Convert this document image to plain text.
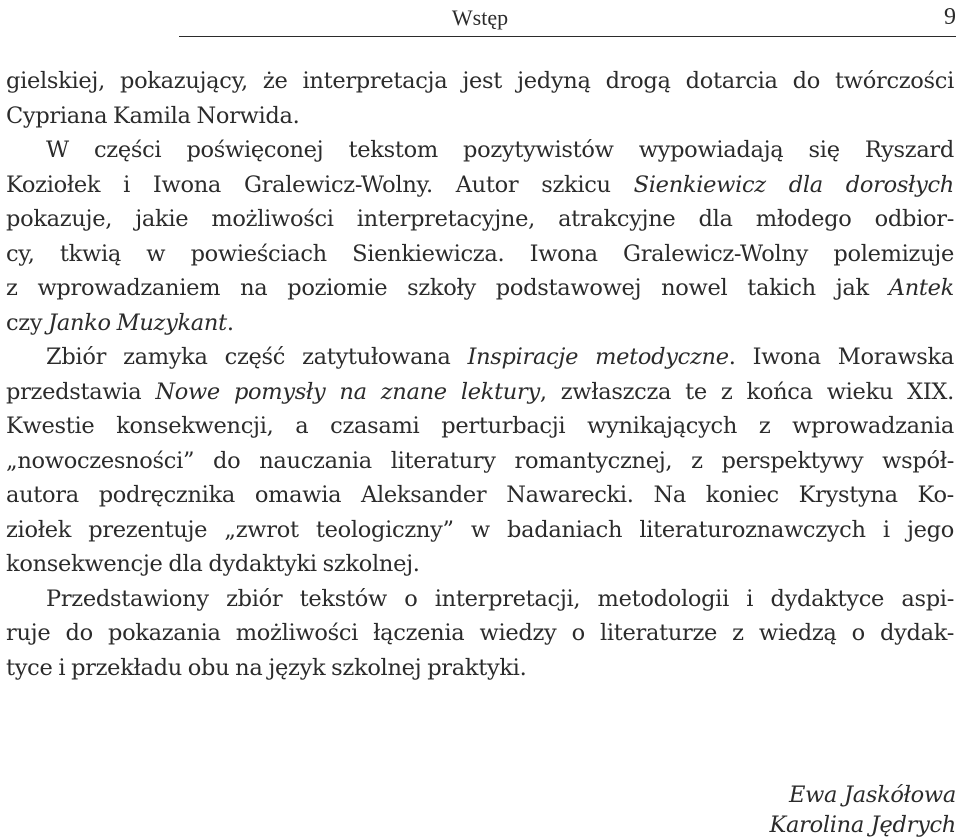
Wstęp	9
gielskiej, pokazujący, że interpretacja jest jedyną drogą dotarcia do twórczości
Cypriana Kamila Norwida.
W części poświęconej tekstom pozytywistów wypowiadają się Ryszard
Koziołek i Iwona Gralewicz-Wolny. Autor szkicu Sienkiewicz dla dorosłych
pokazuje, jakie możliwości interpretacyjne, atrakcyjne dla młodego odbior-
cy, tkwią w powieściach Sienkiewicza. Iwona Gralewicz-Wolny polemizuje
z wprowadzaniem na poziomie szkoły podstawowej nowel takich jak Antek
czy Janko Muzykant.
Zbiór zamyka część zatytułowana Inspiracje metodyczne. Iwona Morawska
przedstawia Nowe pomysły na znane lektury, zwłaszcza te z końca wieku XIX.
Kwestie konsekwencji, a czasami perturbacji wynikających z wprowadzania
„nowoczesności” do nauczania literatury romantycznej, z perspektywy współ-
autora podręcznika omawia Aleksander Nawarecki. Na koniec Krystyna Ko-
ziołek prezentuje „zwrot teologiczny” w badaniach literaturoznawczych i jego
konsekwencje dla dydaktyki szkolnej.
Przedstawiony zbiór tekstów o interpretacji, metodologii i dydaktyce aspi-
ruje do pokazania możliwości łączenia wiedzy o literaturze z wiedzą o dydak-
tyce i przekładu obu na język szkolnej praktyki.
Ewa Jaskółowa
Karolina Jędrych
